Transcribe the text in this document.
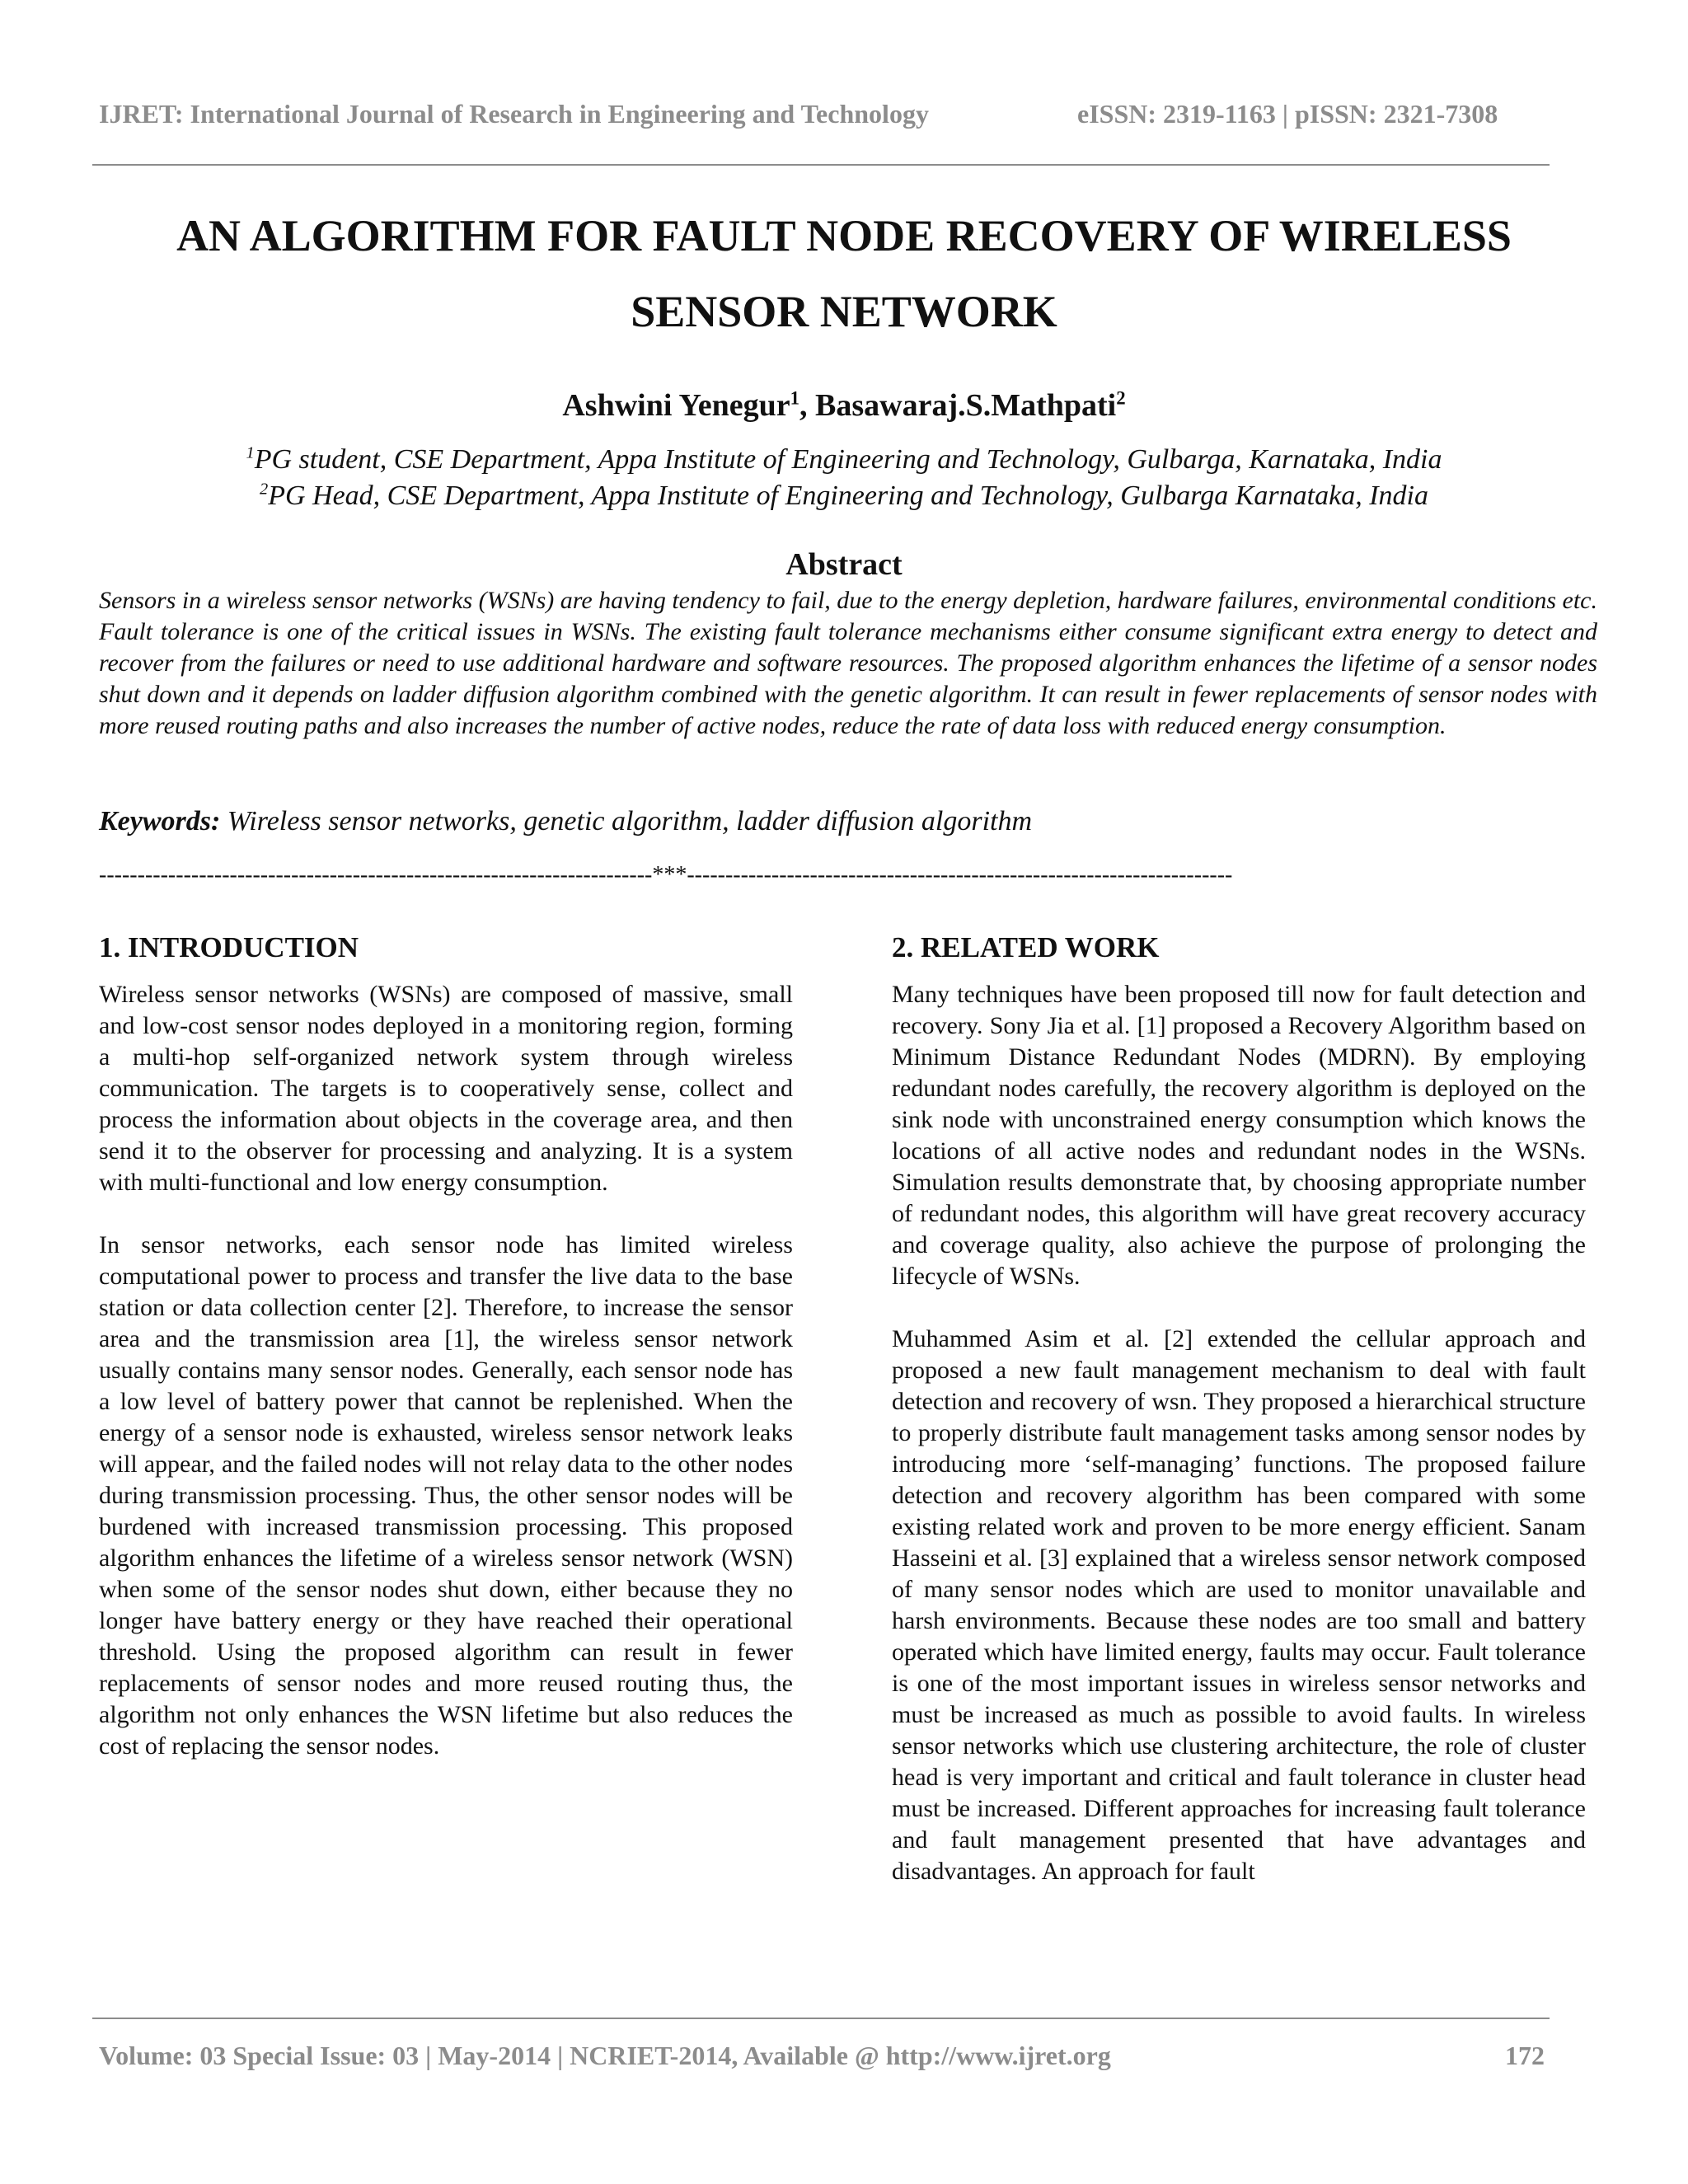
IJRET: International Journal of Research in Engineering and Technology	eISSN: 2319-1163 | pISSN: 2321-7308
AN ALGORITHM FOR FAULT NODE RECOVERY OF WIRELESS
SENSOR NETWORK
Ashwini Yenegur$^1$, Basawaraj.S.Mathpati$^2$
$^1$PG student, CSE Department, Appa Institute of Engineering and Technology, Gulbarga, Karnataka, India
$^2$PG Head, CSE Department, Appa Institute of Engineering and Technology, Gulbarga Karnataka, India
Abstract
Sensors in a wireless sensor networks (WSNs) are having tendency to fail, due to the energy depletion, hardware failures, environmental conditions etc. Fault tolerance is one of the critical issues in WSNs. The existing fault tolerance mechanisms either consume significant extra energy to detect and recover from the failures or need to use additional hardware and software resources. The proposed algorithm enhances the lifetime of a sensor nodes shut down and it depends on ladder diffusion algorithm combined with the genetic algorithm. It can result in fewer replacements of sensor nodes with more reused routing paths and also increases the number of active nodes, reduce the rate of data loss with reduced energy consumption.
Keywords: Wireless sensor networks, genetic algorithm, ladder diffusion algorithm
------------------------------------------------------------------------***-----------------------------------------------------------------------
1. INTRODUCTION

Wireless sensor networks (WSNs) are composed of massive, small and low-cost sensor nodes deployed in a monitoring region, forming a multi-hop self-organized network system through wireless communication. The targets is to cooperatively sense, collect and process the information about objects in the coverage area, and then send it to the observer for processing and analyzing. It is a system with multi-functional and low energy consumption.

In sensor networks, each sensor node has limited wireless computational power to process and transfer the live data to the base station or data collection center [2]. Therefore, to increase the sensor area and the transmission area [1], the wireless sensor network usually contains many sensor nodes. Generally, each sensor node has a low level of battery power that cannot be replenished. When the energy of a sensor node is exhausted, wireless sensor network leaks will appear, and the failed nodes will not relay data to the other nodes during transmission processing. Thus, the other sensor nodes will be burdened with increased transmission processing. This proposed algorithm enhances the lifetime of a wireless sensor network (WSN) when some of the sensor nodes shut down, either because they no longer have battery energy or they have reached their operational threshold. Using the proposed algorithm can result in fewer replacements of sensor nodes and more reused routing thus, the algorithm not only enhances the WSN lifetime but also reduces the cost of replacing the sensor nodes.

2. RELATED WORK

Many techniques have been proposed till now for fault detection and recovery. Sony Jia et al. [1] proposed a Recovery Algorithm based on Minimum Distance Redundant Nodes (MDRN). By employing redundant nodes carefully, the recovery algorithm is deployed on the sink node with unconstrained energy consumption which knows the locations of all active nodes and redundant nodes in the WSNs. Simulation results demonstrate that, by choosing appropriate number of redundant nodes, this algorithm will have great recovery accuracy and coverage quality, also achieve the purpose of prolonging the lifecycle of WSNs.

Muhammed Asim et al. [2] extended the cellular approach and proposed a new fault management mechanism to deal with fault detection and recovery of wsn. They proposed a hierarchical structure to properly distribute fault management tasks among sensor nodes by introducing more ‘self-managing’ functions. The proposed failure detection and recovery algorithm has been compared with some existing related work and proven to be more energy efficient. Sanam Hasseini et al. [3] explained that a wireless sensor network composed of many sensor nodes which are used to monitor unavailable and harsh environments. Because these nodes are too small and battery operated which have limited energy, faults may occur. Fault tolerance is one of the most important issues in wireless sensor networks and must be increased as much as possible to avoid faults. In wireless sensor networks which use clustering architecture, the role of cluster head is very important and critical and fault tolerance in cluster head must be increased. Different approaches for increasing fault tolerance and fault management presented that have advantages and disadvantages. An approach for fault

Volume: 03 Special Issue: 03 | May-2014 | NCRIET-2014, Available @ http://www.ijret.org	172
